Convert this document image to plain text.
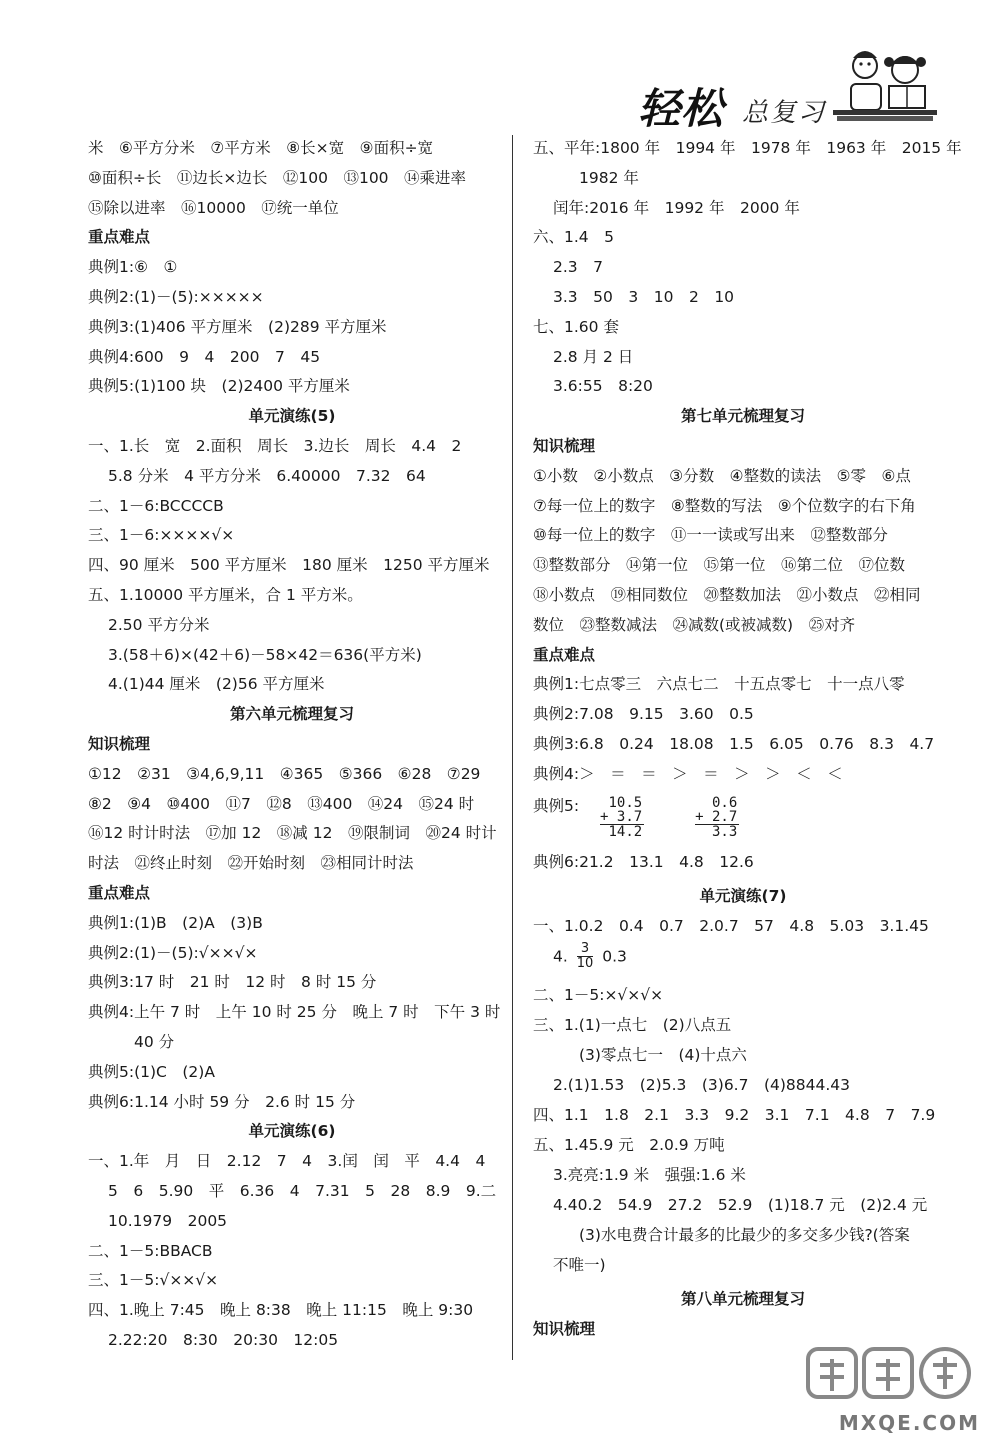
轻松 总复习
米　⑥平方分米　⑦平方米　⑧长×宽　⑨面积÷宽
⑩面积÷长　⑪边长×边长　⑫100　⑬100　⑭乘进率
⑮除以进率　⑯10000　⑰统一单位
重点难点
典例1:⑥　①
典例2:(1)－(5):×××××
典例3:(1)406 平方厘米　(2)289 平方厘米
典例4:600　9　4　200　7　45
典例5:(1)100 块　(2)2400 平方厘米
单元演练(5)
一、1.长　宽　2.面积　周长　3.边长　周长　4.4　2
5.8 分米　4 平方分米　6.40000　7.32　64
二、1－6:BCCCCB
三、1－6:××××√×
四、90 厘米　500 平方厘米　180 厘米　1250 平方厘米
五、1.10000 平方厘米，合 1 平方米。
2.50 平方分米
3.(58＋6)×(42＋6)－58×42＝636(平方米)
4.(1)44 厘米　(2)56 平方厘米
第六单元梳理复习
知识梳理
①12　②31　③4,6,9,11　④365　⑤366　⑥28　⑦29
⑧2　⑨4　⑩400　⑪7　⑫8　⑬400　⑭24　⑮24 时
⑯12 时计时法　⑰加 12　⑱减 12　⑲限制词　⑳24 时计
时法　㉑终止时刻　㉒开始时刻　㉓相同计时法
重点难点
典例1:(1)B　(2)A　(3)B
典例2:(1)－(5):√××√×
典例3:17 时　21 时　12 时　8 时 15 分
典例4:上午 7 时　上午 10 时 25 分　晚上 7 时　下午 3 时
40 分
典例5:(1)C　(2)A
典例6:1.14 小时 59 分　2.6 时 15 分
单元演练(6)
一、1.年　月　日　2.12　7　4　3.闰　闰　平　4.4　4
5　6　5.90　平　6.36　4　7.31　5　28　8.9　9.二
10.1979　2005
二、1－5:BBACB
三、1－5:√××√×
四、1.晚上 7:45　晚上 8:38　晚上 11:15　晚上 9:30
2.22:20　8:30　20:30　12:05
五、平年:1800 年　1994 年　1978 年　1963 年　2015 年
1982 年
闰年:2016 年　1992 年　2000 年
六、1.4　5
2.3　7
3.3　50　3　10　2　10
七、1.60 套
2.8 月 2 日
3.6:55　8:20
第七单元梳理复习
知识梳理
①小数　②小数点　③分数　④整数的读法　⑤零　⑥点
⑦每一位上的数字　⑧整数的写法　⑨个位数字的右下角
⑩每一位上的数字　⑪一一读或写出来　⑫整数部分
⑬整数部分　⑭第一位　⑮第一位　⑯第二位　⑰位数
⑱小数点　⑲相同数位　⑳整数加法　㉑小数点　㉒相同
数位　㉓整数减法　㉔减数(或被减数)　㉕对齐
重点难点
典例1:七点零三　六点七二　十五点零七　十一点八零
典例2:7.08　9.15　3.60　0.5
典例3:6.8　0.24　18.08　1.5　6.05　0.76　8.3　4.7
典例4:＞　＝　＝　＞　＝　＞　＞　＜　＜
典例5:	10.5
+ 3.7
14.2

0.6
+ 2.7
3.3
典例6:21.2　13.1　4.8　12.6
单元演练(7)
一、1.0.2　0.4　0.7　2.0.7　57　4.8　5.03　3.1.45
4. $\frac{3}{10} 0.3$
二、1－5:×√×√×
三、1.(1)一点七　(2)八点五
(3)零点七一　(4)十点六
2.(1)1.53　(2)5.3　(3)6.7　(4)8844.43
四、1.1　1.8　2.1　3.3　9.2　3.1　7.1　4.8　7　7.9
五、1.45.9 元　2.0.9 万吨
3.亮亮:1.9 米　强强:1.6 米
4.40.2　54.9　27.2　52.9　(1)18.7 元　(2)2.4 元
(3)水电费合计最多的比最少的多交多少钱?(答案
不唯一)
第八单元梳理复习
知识梳理
MXQE.COM
